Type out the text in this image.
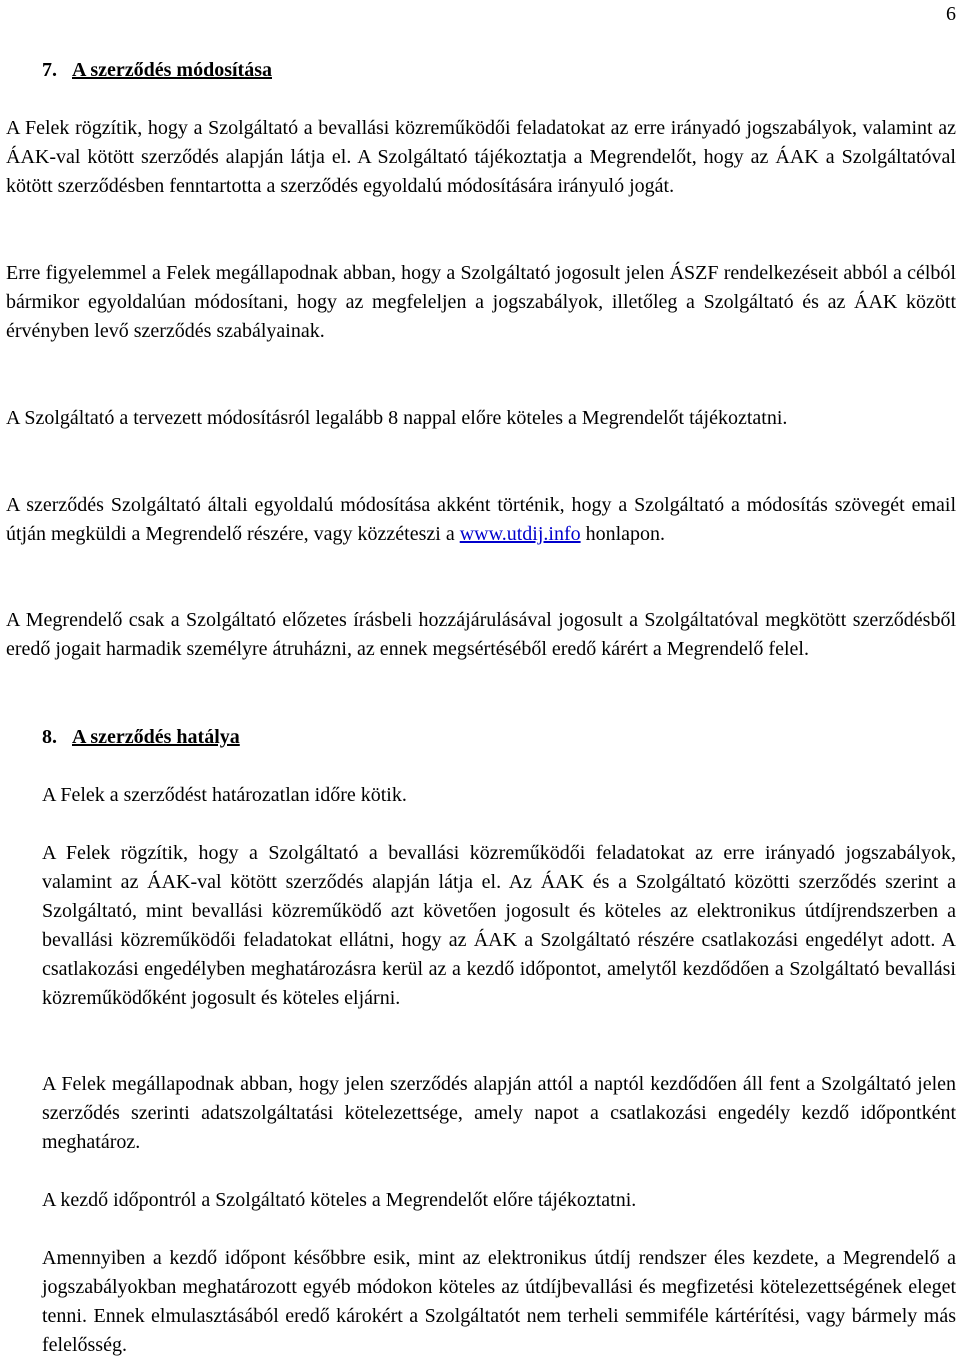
6
7. A szerződés módosítása

A Felek rögzítik, hogy a Szolgáltató a bevallási közreműködői feladatokat az erre irányadó jogszabályok, valamint az ÁAK-val kötött szerződés alapján látja el. A Szolgáltató tájékoztatja a Megrendelőt, hogy az ÁAK a Szolgáltatóval kötött szerződésben fenntartotta a szerződés egyoldalú módosítására irányuló jogát.

Erre figyelemmel a Felek megállapodnak abban, hogy a Szolgáltató jogosult jelen ÁSZF rendelkezéseit abból a célból bármikor egyoldalúan módosítani, hogy az megfeleljen a jogszabályok, illetőleg a Szolgáltató és az ÁAK között érvényben levő szerződés szabályainak.

A Szolgáltató a tervezett módosításról legalább 8 nappal előre köteles a Megrendelőt tájékoztatni.

A szerződés Szolgáltató általi egyoldalú módosítása akként történik, hogy a Szolgáltató a módosítás szövegét email útján megküldi a Megrendelő részére, vagy közzéteszi a www.utdij.info honlapon.

A Megrendelő csak a Szolgáltató előzetes írásbeli hozzájárulásával jogosult a Szolgáltatóval megkötött szerződésből eredő jogait harmadik személyre átruházni, az ennek megsértéséből eredő kárért a Megrendelő felel.

8. A szerződés hatálya

A Felek a szerződést határozatlan időre kötik.

A Felek rögzítik, hogy a Szolgáltató a bevallási közreműködői feladatokat az erre irányadó jogszabályok, valamint az ÁAK-val kötött szerződés alapján látja el. Az ÁAK és a Szolgáltató közötti szerződés szerint a Szolgáltató, mint bevallási közreműködő azt követően jogosult és köteles az elektronikus útdíjrendszerben a bevallási közreműködői feladatokat ellátni, hogy az ÁAK a Szolgáltató részére csatlakozási engedélyt adott. A csatlakozási engedélyben meghatározásra kerül az a kezdő időpontot, amelytől kezdődően a Szolgáltató bevallási közreműködőként jogosult és köteles eljárni.

A Felek megállapodnak abban, hogy jelen szerződés alapján attól a naptól kezdődően áll fent a Szolgáltató jelen szerződés szerinti adatszolgáltatási kötelezettsége, amely napot a csatlakozási engedély kezdő időpontként meghatároz.

A kezdő időpontról a Szolgáltató köteles a Megrendelőt előre tájékoztatni.

Amennyiben a kezdő időpont későbbre esik, mint az elektronikus útdíj rendszer éles kezdete, a Megrendelő a jogszabályokban meghatározott egyéb módokon köteles az útdíjbevallási és megfizetési kötelezettségének eleget tenni. Ennek elmulasztásából eredő károkért a Szolgáltatót nem terheli semmiféle kártérítési, vagy bármely más felelősség.
